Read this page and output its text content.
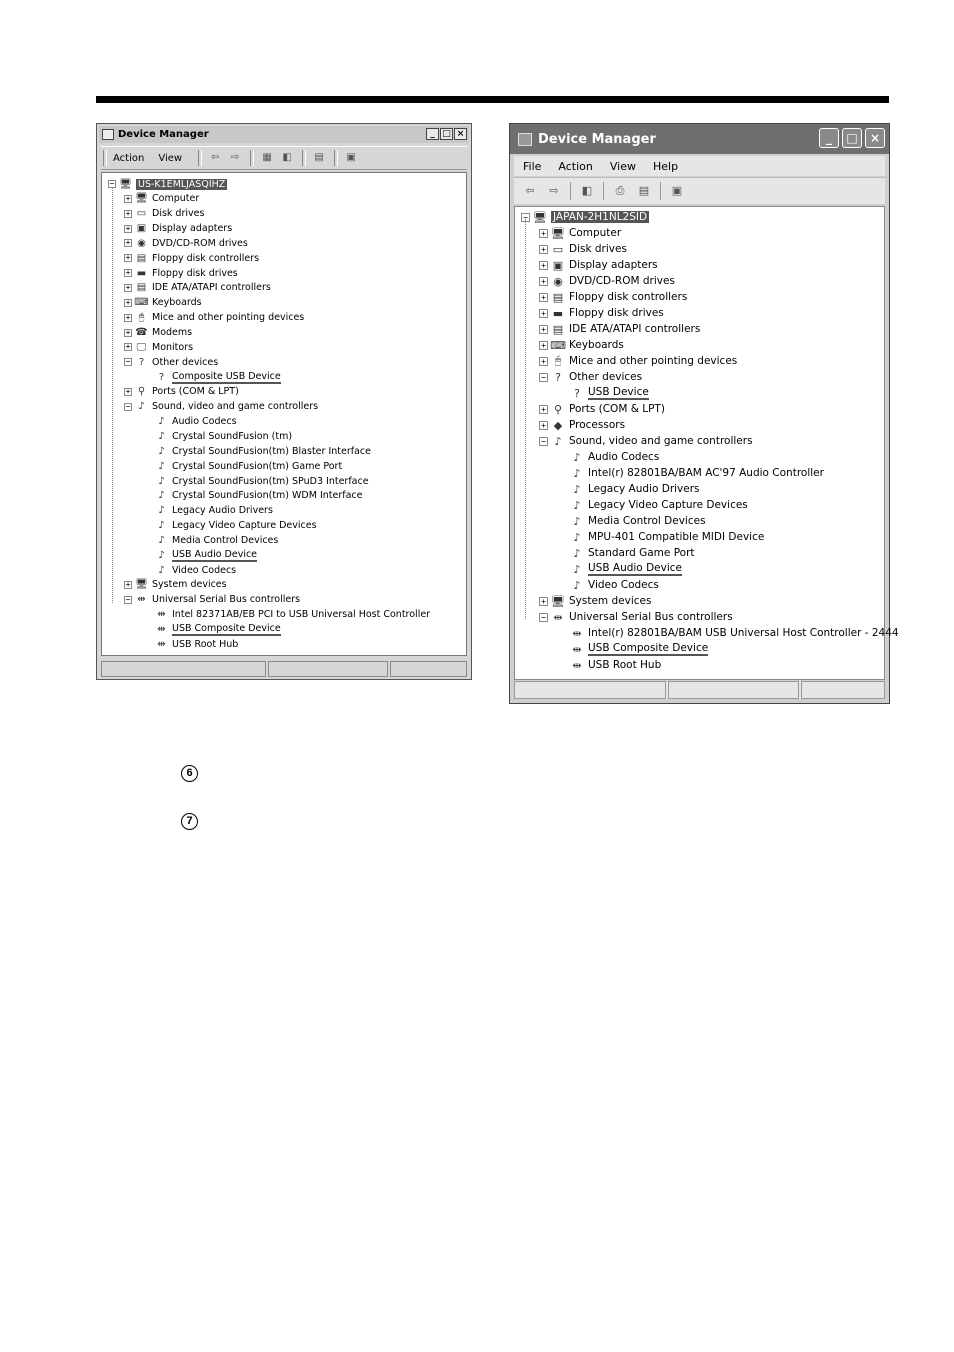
Device Manager	_ □ ×
Action View	⇦ ⇨ ▦ ◧ ▤ ▣
− 🖥 US-K1EMLJASQIHZ
+ 🖥 Computer
+ ▭ Disk drives
+ ▣ Display adapters
+ ◉ DVD/CD-ROM drives
+ ▤ Floppy disk controllers
+ ▬ Floppy disk drives
+ ▤ IDE ATA/ATAPI controllers
+ ⌨ Keyboards
+ 🖰 Mice and other pointing devices
+ ☎ Modems
+ 🖵 Monitors
− ? Other devices
? Composite USB Device
+ ⚲ Ports (COM & LPT)
− ♪ Sound, video and game controllers
♪ Audio Codecs
♪ Crystal SoundFusion (tm)
♪ Crystal SoundFusion(tm) Blaster Interface
♪ Crystal SoundFusion(tm) Game Port
♪ Crystal SoundFusion(tm) SPuD3 Interface
♪ Crystal SoundFusion(tm) WDM Interface
♪ Legacy Audio Drivers
♪ Legacy Video Capture Devices
♪ Media Control Devices
♪ USB Audio Device
♪ Video Codecs
+ 🖥 System devices
− ⇹ Universal Serial Bus controllers
⇹ Intel 82371AB/EB PCI to USB Universal Host Controller
⇹ USB Composite Device
⇹ USB Root Hub
Device Manager	_	□	×
File Action View Help
⇦	⇨	◧	⎙	▤ ▣
− 🖥 JAPAN-2H1NL2SID
+ 🖥 Computer
+ ▭ Disk drives
+ ▣ Display adapters
+ ◉ DVD/CD-ROM drives
+ ▤ Floppy disk controllers
+ ▬ Floppy disk drives
+ ▤ IDE ATA/ATAPI controllers
+ ⌨ Keyboards
+ 🖰 Mice and other pointing devices
− ? Other devices
? USB Device
+ ⚲ Ports (COM & LPT)
+ ◆ Processors
− ♪ Sound, video and game controllers
♪ Audio Codecs
♪ Intel(r) 82801BA/BAM AC'97 Audio Controller
♪ Legacy Audio Drivers
♪ Legacy Video Capture Devices
♪ Media Control Devices
♪ MPU-401 Compatible MIDI Device
♪ Standard Game Port
♪ USB Audio Device
♪ Video Codecs
+ 🖥 System devices
− ⇹ Universal Serial Bus controllers
⇹ Intel(r) 82801BA/BAM USB Universal Host Controller - 2444
⇹ USB Composite Device
⇹ USB Root Hub
6
7
